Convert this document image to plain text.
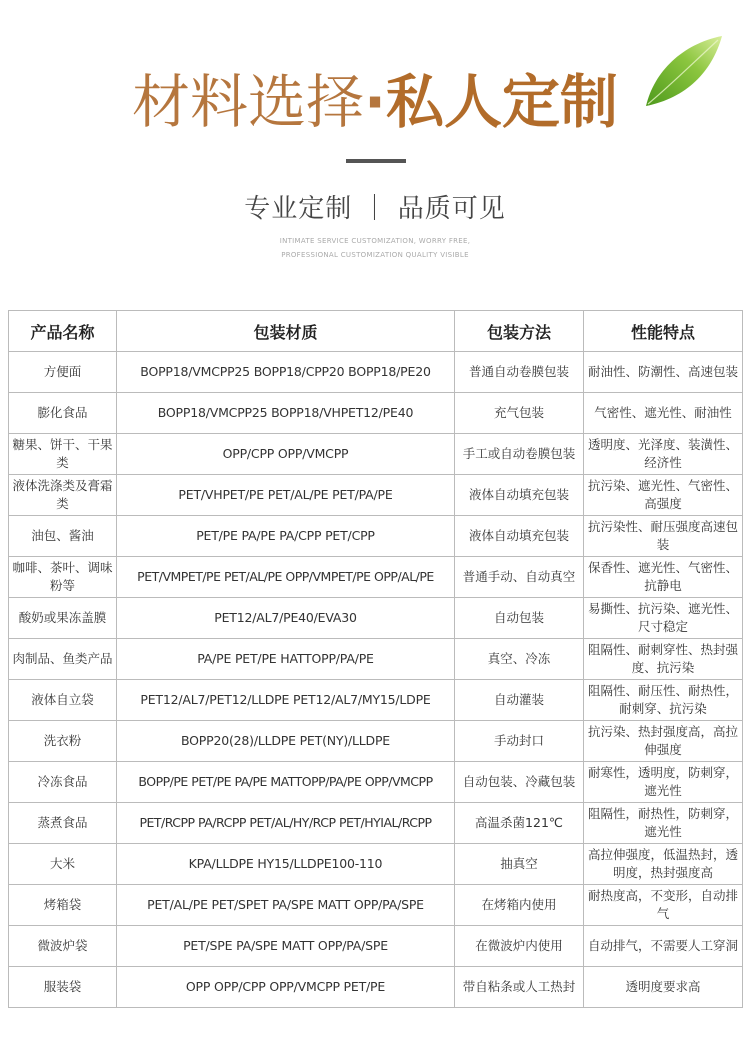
材料选择·私人定制
专业定制 ｜ 品质可见
INTIMATE SERVICE CUSTOMIZATION, WORRY FREE,
PROFESSIONAL CUSTOMIZATION QUALITY VISIBLE
产品名称	包装材质	包装方法	性能特点
方便面	BOPP18/VMCPP25 BOPP18/CPP20 BOPP18/PE20	普通自动卷膜包装	耐油性、防潮性、高速包装
膨化食品	BOPP18/VMCPP25 BOPP18/VHPET12/PE40	充气包装	气密性、遮光性、耐油性
糖果、饼干、干果类	OPP/CPP OPP/VMCPP	手工或自动卷膜包装	透明度、光泽度、装潢性、经济性
液体洗涤类及膏霜类	PET/VHPET/PE PET/AL/PE PET/PA/PE	液体自动填充包装	抗污染、遮光性、气密性、高强度
油包、酱油	PET/PE PA/PE PA/CPP PET/CPP	液体自动填充包装	抗污染性、耐压强度高速包装
咖啡、茶叶、调味粉等	PET/VMPET/PE PET/AL/PE OPP/VMPET/PE OPP/AL/PE	普通手动、自动真空	保香性、遮光性、气密性、抗静电
酸奶或果冻盖膜	PET12/AL7/PE40/EVA30	自动包装	易撕性、抗污染、遮光性、尺寸稳定
肉制品、鱼类产品	PA/PE PET/PE HATTOPP/PA/PE	真空、冷冻	阻隔性、耐刺穿性、热封强度、抗污染
液体自立袋	PET12/AL7/PET12/LLDPE PET12/AL7/MY15/LDPE	自动灌装	阻隔性、耐压性、耐热性，耐刺穿、抗污染
洗衣粉	BOPP20(28)/LLDPE PET(NY)/LLDPE	手动封口	抗污染、热封强度高，高拉伸强度
冷冻食品	BOPP/PE PET/PE PA/PE MATTOPP/PA/PE OPP/VMCPP	自动包装、冷藏包装	耐寒性，透明度，防刺穿，遮光性
蒸煮食品	PET/RCPP PA/RCPP PET/AL/HY/RCP PET/HYIAL/RCPP	高温杀菌121℃	阻隔性，耐热性，防刺穿，遮光性
大米	KPA/LLDPE HY15/LLDPE100-110	抽真空	高拉伸强度，低温热封，透明度，热封强度高
烤箱袋	PET/AL/PE PET/SPET PA/SPE MATT OPP/PA/SPE	在烤箱内使用	耐热度高，不变形，自动排气
微波炉袋	PET/SPE PA/SPE MATT OPP/PA/SPE	在微波炉内使用	自动排气，不需要人工穿洞
服装袋	OPP OPP/CPP OPP/VMCPP PET/PE	带自粘条或人工热封	透明度要求高
